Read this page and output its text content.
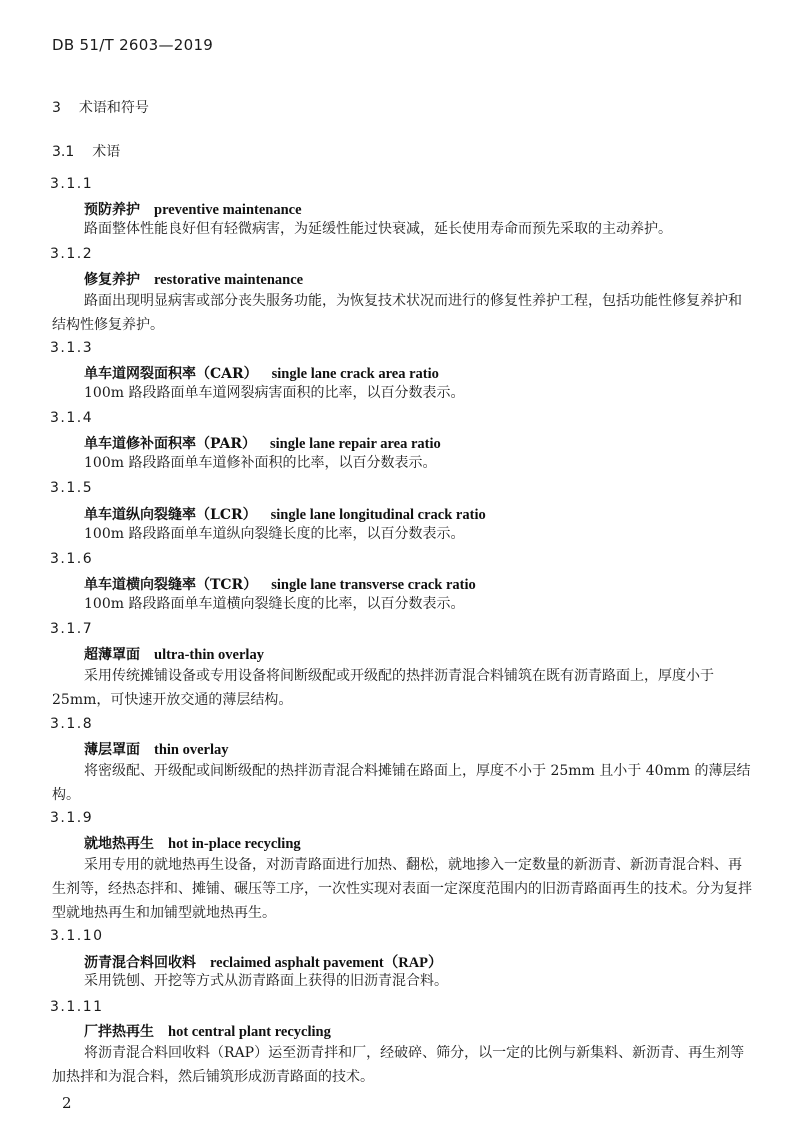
DB 51/T 2603—2019
3 术语和符号
3.1 术语
3.1.1
预防养护 preventive maintenance
路面整体性能良好但有轻微病害，为延缓性能过快衰减，延长使用寿命而预先采取的主动养护。
3.1.2
修复养护 restorative maintenance
路面出现明显病害或部分丧失服务功能，为恢复技术状况而进行的修复性养护工程，包括功能性修复养护和结构性修复养护。
3.1.3
单车道网裂面积率（CAR） single lane crack area ratio
100m 路段路面单车道网裂病害面积的比率，以百分数表示。
3.1.4
单车道修补面积率（PAR） single lane repair area ratio
100m 路段路面单车道修补面积的比率，以百分数表示。
3.1.5
单车道纵向裂缝率（LCR） single lane longitudinal crack ratio
100m 路段路面单车道纵向裂缝长度的比率，以百分数表示。
3.1.6
单车道横向裂缝率（TCR） single lane transverse crack ratio
100m 路段路面单车道横向裂缝长度的比率，以百分数表示。
3.1.7
超薄罩面 ultra-thin overlay
采用传统摊铺设备或专用设备将间断级配或开级配的热拌沥青混合料铺筑在既有沥青路面上，厚度小于 25mm，可快速开放交通的薄层结构。
3.1.8
薄层罩面 thin overlay
将密级配、开级配或间断级配的热拌沥青混合料摊铺在路面上，厚度不小于 25mm 且小于 40mm 的薄层结构。
3.1.9
就地热再生 hot in-place recycling
采用专用的就地热再生设备，对沥青路面进行加热、翻松，就地掺入一定数量的新沥青、新沥青混合料、再生剂等，经热态拌和、摊铺、碾压等工序，一次性实现对表面一定深度范围内的旧沥青路面再生的技术。分为复拌型就地热再生和加铺型就地热再生。
3.1.10
沥青混合料回收料 reclaimed asphalt pavement（RAP）
采用铣刨、开挖等方式从沥青路面上获得的旧沥青混合料。
3.1.11
厂拌热再生 hot central plant recycling
将沥青混合料回收料（RAP）运至沥青拌和厂，经破碎、筛分，以一定的比例与新集料、新沥青、再生剂等加热拌和为混合料，然后铺筑形成沥青路面的技术。
2
